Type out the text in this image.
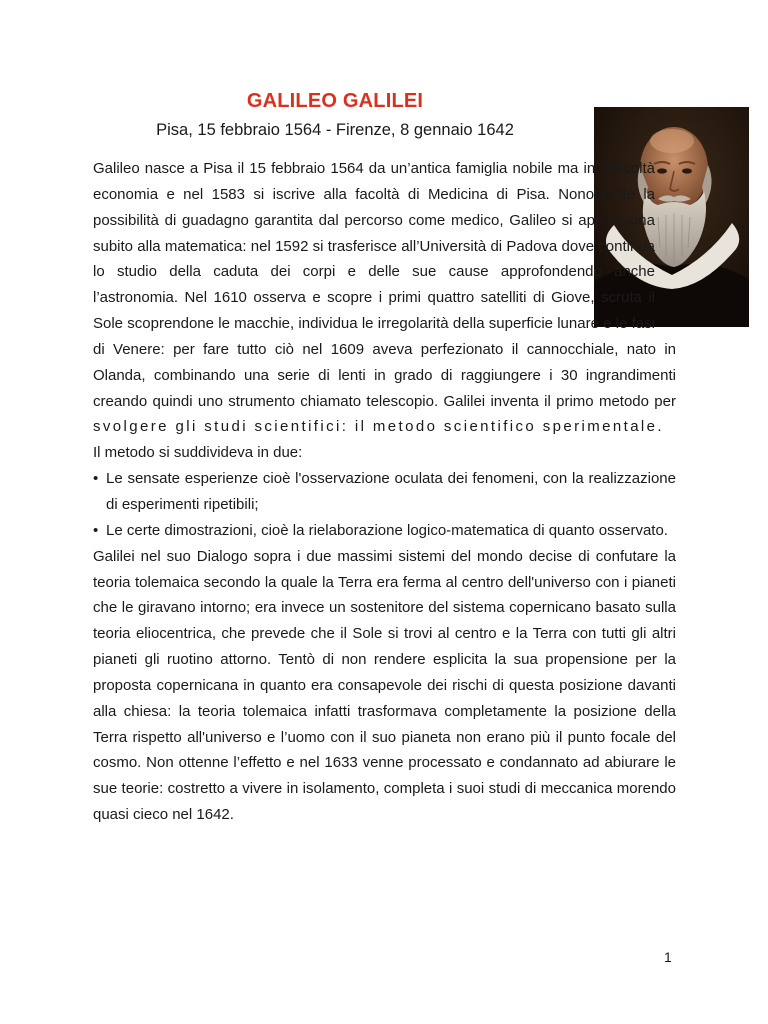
GALILEO GALILEI
Pisa, 15 febbraio 1564 - Firenze, 8 gennaio 1642

Galileo nasce a Pisa il 15 febbraio 1564 da un’antica famiglia nobile ma in difficoltà economia e nel 1583 si iscrive alla facoltà di Medicina di Pisa. Nonostante la possibilità di guadagno garantita dal percorso come medico, Galileo si appassiona subito alla matematica: nel 1592 si trasferisce all’Università di Padova dove continua lo studio della caduta dei corpi e delle sue cause approfondendo anche l’astronomia. Nel 1610 osserva e scopre i primi quattro satelliti di Giove, scruta il Sole scoprendone le macchie, individua le irregolarità della superficie lunare e le fasi di Venere: per fare tutto ciò nel 1609 aveva perfezionato il cannocchiale, nato in Olanda, combinando una serie di lenti in grado di raggiungere i 30 ingrandimenti creando quindi uno strumento chiamato telescopio. Galilei inventa il primo metodo per svolgere gli studi scientifici: il metodo scientifico sperimentale.

Il metodo si suddivideva in due:

• Le sensate esperienze cioè l'osservazione oculata dei fenomeni, con la realizzazione di esperimenti ripetibili;
• Le certe dimostrazioni, cioè la rielaborazione logico-matematica di quanto osservato.

Galilei nel suo Dialogo sopra i due massimi sistemi del mondo decise di confutare la teoria tolemaica secondo la quale la Terra era ferma al centro dell'universo con i pianeti che le giravano intorno; era invece un sostenitore del sistema copernicano basato sulla teoria eliocentrica, che prevede che il Sole si trovi al centro e la Terra con tutti gli altri pianeti gli ruotino attorno. Tentò di non rendere esplicita la sua propensione per la proposta copernicana in quanto era consapevole dei rischi di questa posizione davanti alla chiesa: la teoria tolemaica infatti trasformava completamente la posizione della Terra rispetto all'universo e l’uomo con il suo pianeta non erano più il punto focale del cosmo. Non ottenne l’effetto e nel 1633 venne processato e condannato ad abiurare le sue teorie: costretto a vivere in isolamento, completa i suoi studi di meccanica morendo quasi cieco nel 1642.

1
